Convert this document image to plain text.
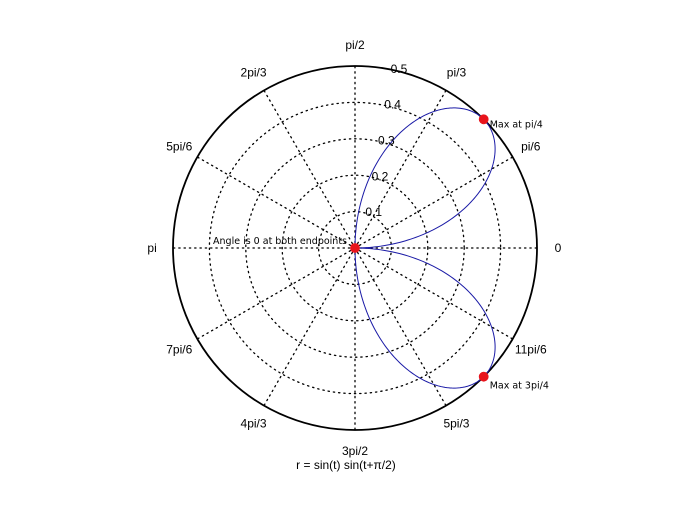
0
pi/6
pi/3
pi/2
2pi/3
5pi/6
pi
7pi/6
4pi/3
3pi/2
5pi/3
11pi/6
0.1
0.2
0.3
0.4
0.5
Max at pi/4
Max at 3pi/4
Angle is 0 at both endpoints
r = sin(t) sin(t+π/2)
